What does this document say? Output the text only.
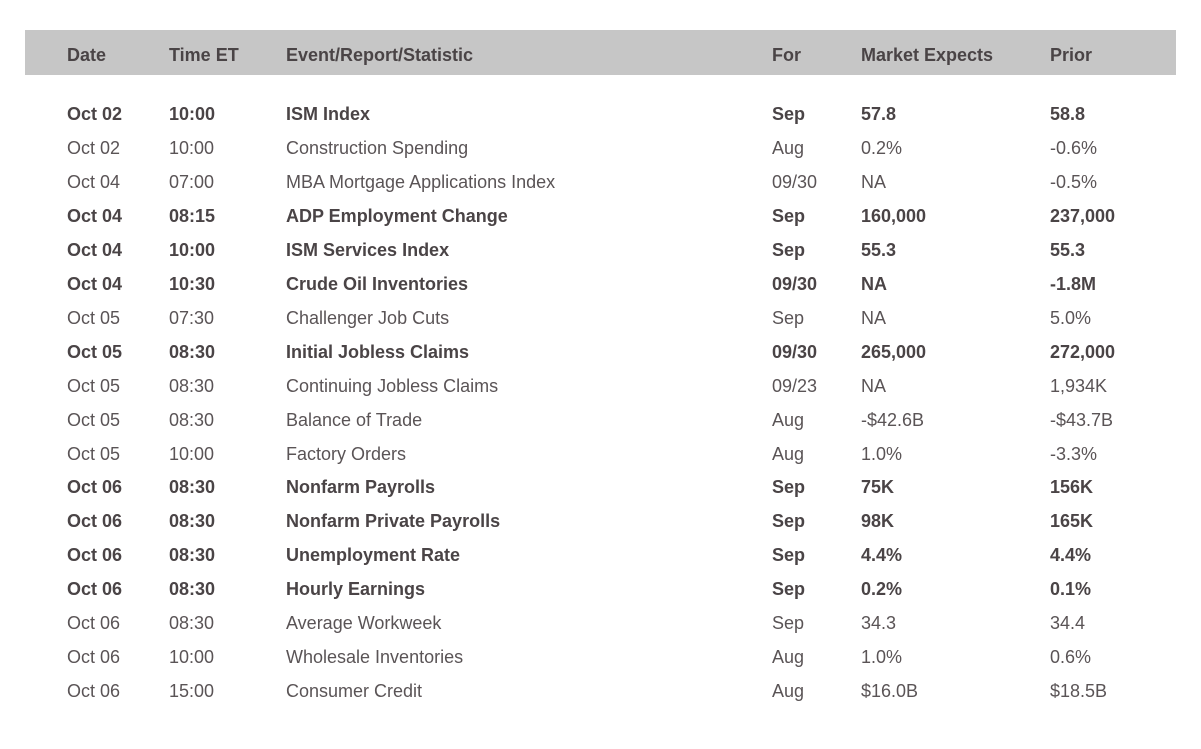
Date	Time ET	Event/Report/Statistic	For	Market Expects	Prior
Oct 02	10:00	ISM Index	Sep	57.8	58.8
Oct 02	10:00	Construction Spending	Aug	0.2%	-0.6%
Oct 04	07:00	MBA Mortgage Applications Index	09/30 NA	-0.5%
Oct 04	08:15	ADP Employment Change	Sep	160,000	237,000
Oct 04	10:00	ISM Services Index	Sep	55.3	55.3
Oct 04	10:30	Crude Oil Inventories	09/30 NA	-1.8M
Oct 05	07:30	Challenger Job Cuts	Sep	NA	5.0%
Oct 05	08:30	Initial Jobless Claims	09/30 265,000	272,000
Oct 05	08:30	Continuing Jobless Claims	09/23 NA	1,934K
Oct 05	08:30	Balance of Trade	Aug	-$42.6B	-$43.7B
Oct 05	10:00	Factory Orders	Aug	1.0%	-3.3%
Oct 06	08:30	Nonfarm Payrolls	Sep	75K	156K
Oct 06	08:30	Nonfarm Private Payrolls	Sep	98K	165K
Oct 06	08:30	Unemployment Rate	Sep	4.4%	4.4%
Oct 06	08:30	Hourly Earnings	Sep	0.2%	0.1%
Oct 06	08:30	Average Workweek	Sep	34.3	34.4
Oct 06	10:00	Wholesale Inventories	Aug	1.0%	0.6%
Oct 06	15:00	Consumer Credit	Aug	$16.0B	$18.5B
